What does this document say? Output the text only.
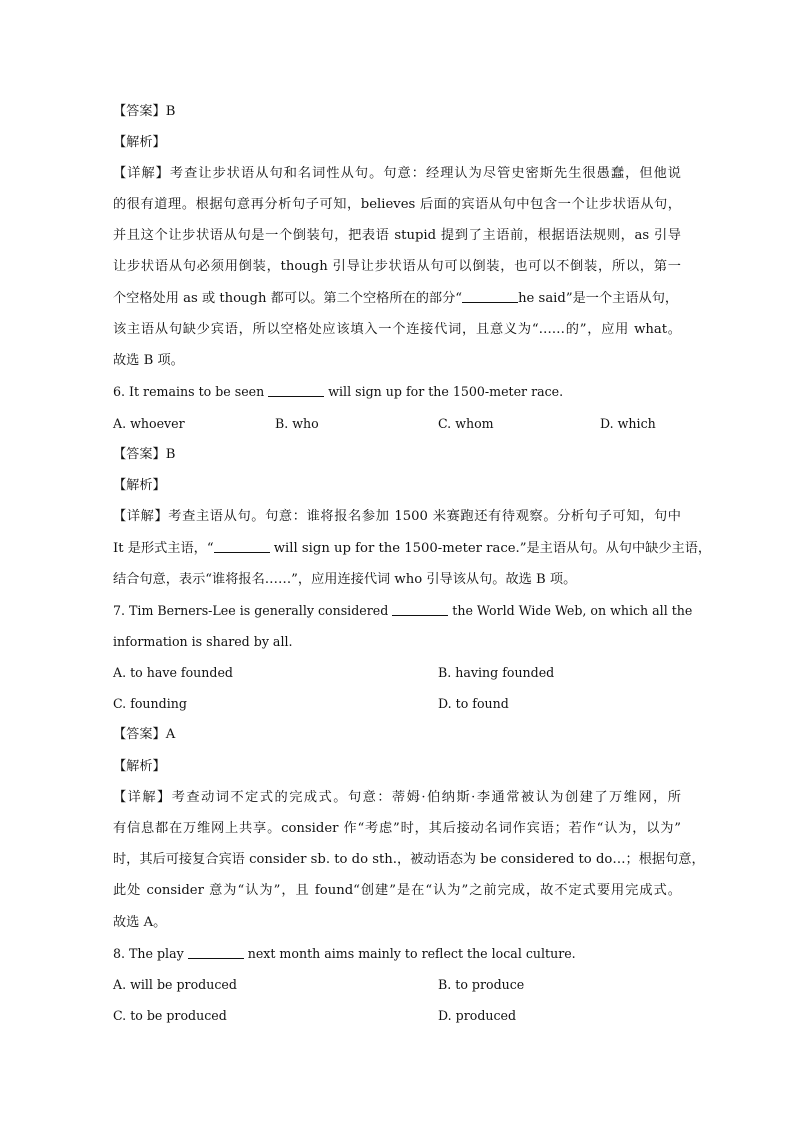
【答案】B
【解析】
【详解】考查让步状语从句和名词性从句。句意：经理认为尽管史密斯先生很愚蠢，但他说
的很有道理。根据句意再分析句子可知，believes 后面的宾语从句中包含一个让步状语从句，
并且这个让步状语从句是一个倒装句，把表语 stupid 提到了主语前，根据语法规则，as 引导
让步状语从句必须用倒装，though 引导让步状语从句可以倒装，也可以不倒装，所以，第一
个空格处用 as 或 though 都可以。第二个空格所在的部分“	he said”是一个主语从句，
该主语从句缺少宾语，所以空格处应该填入一个连接代词，且意义为“……的”，应用 what。
故选 B 项。
6. It remains to be seen	will sign up for the 1500-meter race.
A. whoever	B. who	C. whom	D. which
【答案】B
【解析】
【详解】考查主语从句。句意：谁将报名参加 1500 米赛跑还有待观察。分析句子可知，句中
It 是形式主语，“	will sign up for the 1500-meter race.”是主语从句。从句中缺少主语，
结合句意，表示“谁将报名……”，应用连接代词 who 引导该从句。故选 B 项。
7. Tim Berners-Lee is generally considered	the World Wide Web, on which all the
information is shared by all.
A. to have founded	B. having founded
C. founding	D. to found
【答案】A
【解析】
【详解】考查动词不定式的完成式。句意：蒂姆·伯纳斯·李通常被认为创建了万维网，所
有信息都在万维网上共享。consider 作“考虑”时，其后接动名词作宾语；若作“认为，以为”
时，其后可接复合宾语 consider sb. to do sth.，被动语态为 be considered to do…；根据句意，
此处 consider 意为“认为”，且 found“创建”是在“认为”之前完成，故不定式要用完成式。
故选 A。
8. The play	next month aims mainly to reflect the local culture.
A. will be produced	B. to produce
C. to be produced	D. produced
